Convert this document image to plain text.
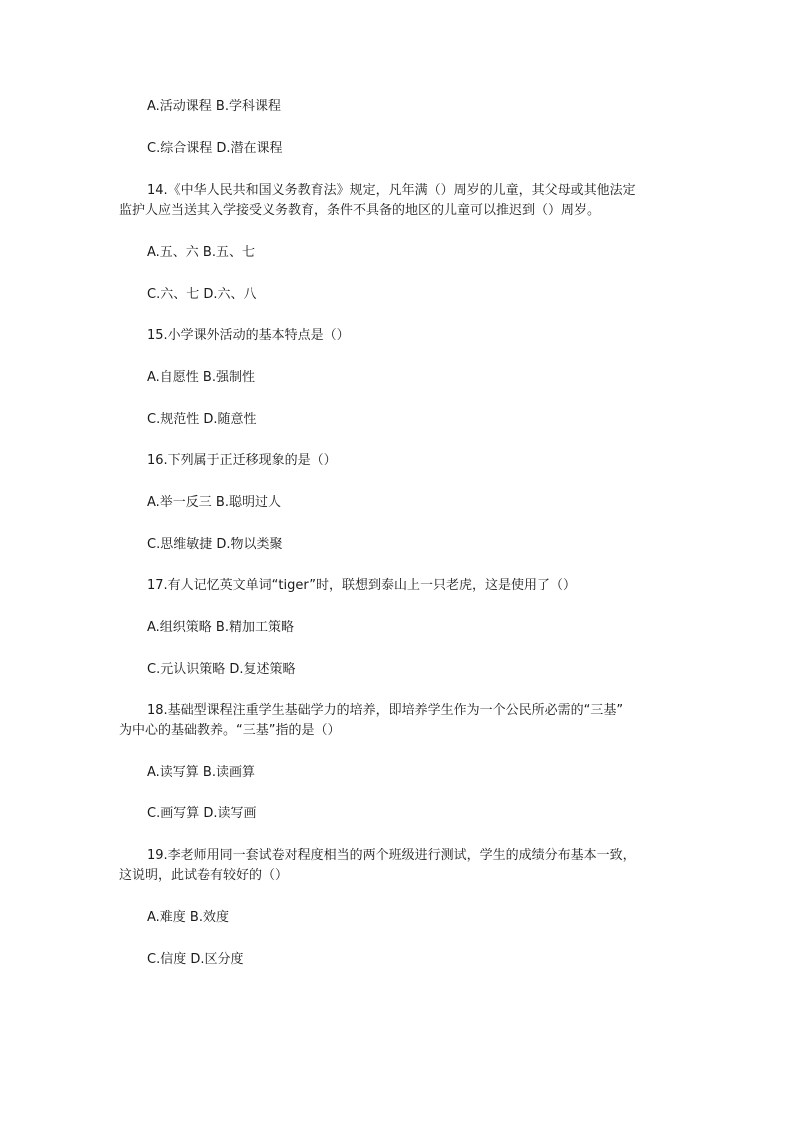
A.活动课程 B.学科课程
C.综合课程 D.潜在课程
14.《中华人民共和国义务教育法》规定，凡年满（）周岁的儿童，其父母或其他法定
监护人应当送其入学接受义务教育，条件不具备的地区的儿童可以推迟到（）周岁。
A.五、六 B.五、七
C.六、七 D.六、八
15.小学课外活动的基本特点是（）
A.自愿性 B.强制性
C.规范性 D.随意性
16.下列属于正迁移现象的是（）
A.举一反三 B.聪明过人
C.思维敏捷 D.物以类聚
17.有人记忆英文单词“tiger”时，联想到泰山上一只老虎，这是使用了（）
A.组织策略 B.精加工策略
C.元认识策略 D.复述策略
18.基础型课程注重学生基础学力的培养，即培养学生作为一个公民所必需的“三基”
为中心的基础教养。“三基”指的是（）
A.读写算 B.读画算
C.画写算 D.读写画
19.李老师用同一套试卷对程度相当的两个班级进行测试，学生的成绩分布基本一致，
这说明，此试卷有较好的（）
A.难度 B.效度
C.信度 D.区分度
